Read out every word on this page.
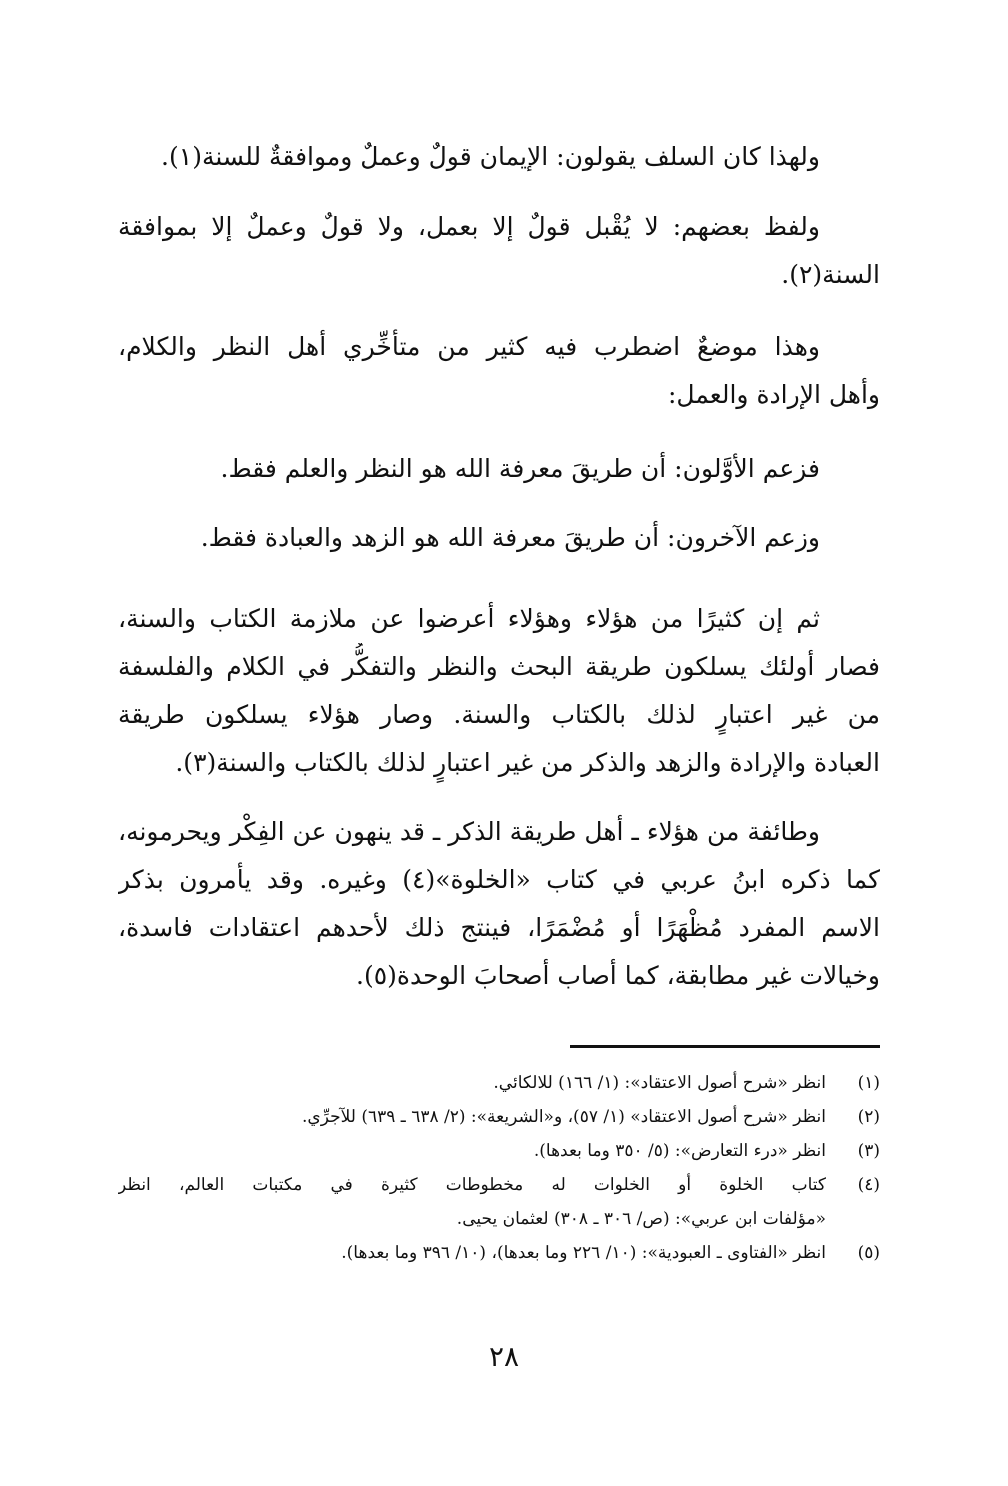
ولهذا كان السلف يقولون: الإيمان قولٌ وعملٌ وموافقةٌ للسنة(١).
ولفظ بعضهم: لا يُقْبل قولٌ إلا بعمل، ولا قولٌ وعملٌ إلا بموافقة
السنة(٢).
وهذا موضعٌ اضطرب فيه كثير من متأخِّري أهل النظر والكلام،
وأهل الإرادة والعمل:
فزعم الأوَّلون: أن طريقَ معرفة الله هو النظر والعلم فقط.
وزعم الآخرون: أن طريقَ معرفة الله هو الزهد والعبادة فقط.
ثم إن كثيرًا من هؤلاء وهؤلاء أعرضوا عن ملازمة الكتاب والسنة،
فصار أولئك يسلكون طريقة البحث والنظر والتفكُّر في الكلام والفلسفة
من غير اعتبارٍ لذلك بالكتاب والسنة. وصار هؤلاء يسلكون طريقة
العبادة والإرادة والزهد والذكر من غير اعتبارٍ لذلك بالكتاب والسنة(٣).
وطائفة من هؤلاء ـ أهل طريقة الذكر ـ قد ينهون عن الفِكْر ويحرمونه،
كما ذكره ابنُ عربي في كتاب «الخلوة»(٤) وغيره. وقد يأمرون بذكر
الاسم المفرد مُظْهَرًا أو مُضْمَرًا، فينتج ذلك لأحدهم اعتقادات فاسدة،
وخيالات غير مطابقة، كما أصاب أصحابَ الوحدة(٥).
(١)
انظر «شرح أصول الاعتقاد»: (١/ ١٦٦) للالكائي.
(٢)
انظر «شرح أصول الاعتقاد» (١/ ٥٧)، و«الشريعة»: (٢/ ٦٣٨ ـ ٦٣٩) للآجرِّي.
(٣)
انظر «درء التعارض»: (٥/ ٣٥٠ وما بعدها).
(٤)
كتاب الخلوة أو الخلوات له مخطوطات كثيرة في مكتبات العالم، انظر
«مؤلفات ابن عربي»: (ص/ ٣٠٦ ـ ٣٠٨) لعثمان يحيى.
(٥)
انظر «الفتاوى ـ العبودية»: (١٠/ ٢٢٦ وما بعدها)، (١٠/ ٣٩٦ وما بعدها).
٢٨
